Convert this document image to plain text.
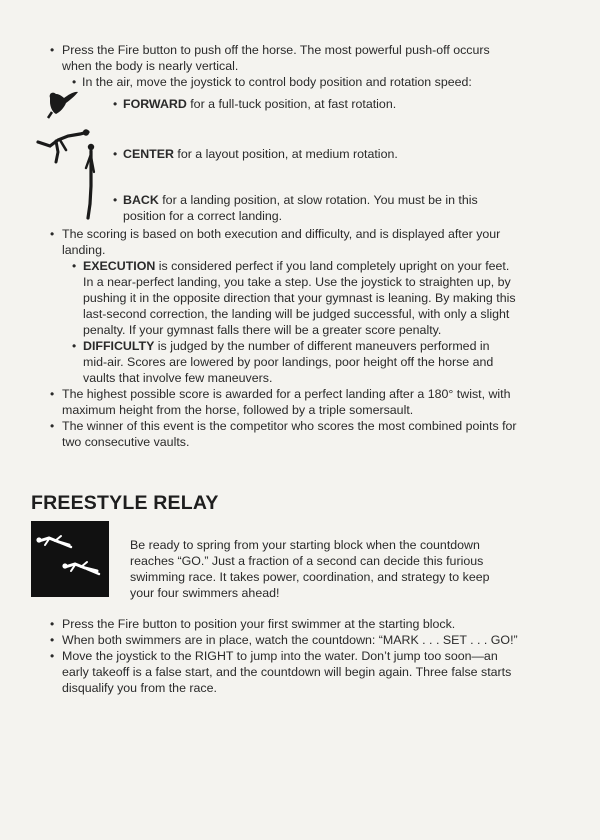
• Press the Fire button to push off the horse. The most powerful push-off occurs
when the body is nearly vertical.
• In the air, move the joystick to control body position and rotation speed:
• FORWARD for a full-tuck position, at fast rotation.
• CENTER for a layout position, at medium rotation.
• BACK for a landing position, at slow rotation. You must be in this
position for a correct landing.
• The scoring is based on both execution and difficulty, and is displayed after your
landing.
• EXECUTION is considered perfect if you land completely upright on your feet.
In a near-perfect landing, you take a step. Use the joystick to straighten up, by
pushing it in the opposite direction that your gymnast is leaning. By making this
last-second correction, the landing will be judged successful, with only a slight
penalty. If your gymnast falls there will be a greater score penalty.
• DIFFICULTY is judged by the number of different maneuvers performed in
mid-air. Scores are lowered by poor landings, poor height off the horse and
vaults that involve few maneuvers.
• The highest possible score is awarded for a perfect landing after a 180° twist, with
maximum height from the horse, followed by a triple somersault.
• The winner of this event is the competitor who scores the most combined points for
two consecutive vaults.
FREESTYLE RELAY
Be ready to spring from your starting block when the countdown
reaches “GO.” Just a fraction of a second can decide this furious
swimming race. It takes power, coordination, and strategy to keep
your four swimmers ahead!
• Press the Fire button to position your first swimmer at the starting block.
• When both swimmers are in place, watch the countdown: “MARK . . . SET . . . GO!”
• Move the joystick to the RIGHT to jump into the water. Don’t jump too soon—an
early takeoff is a false start, and the countdown will begin again. Three false starts
disqualify you from the race.
